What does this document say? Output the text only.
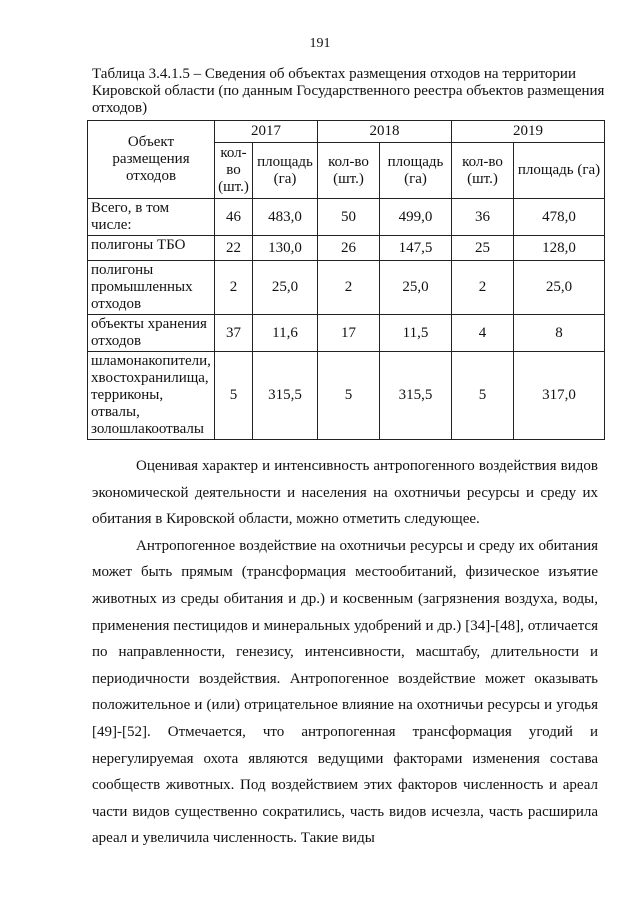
191
Таблица 3.4.1.5 – Сведения об объектах размещения отходов на территории Кировской области (по данным Государственного реестра объектов размещения отходов)
Объект размещения отходов	2017		2018		2019	
	кол-во (шт.)	площадь (га)	кол-во (шт.)	площадь (га)	кол-во (шт.)	площадь (га)
Всего, в том числе:	46	483,0	50	499,0	36	478,0
полигоны ТБО	22	130,0	26	147,5	25	128,0
полигоны промышленных отходов	2	25,0	2	25,0	2	25,0
объекты хранения отходов	37	11,6	17	11,5	4	8
шламонакопители, хвостохранилища, терриконы, отвалы, золошлакоотвалы	5	315,5	5	315,5	5	317,0

Оценивая характер и интенсивность антропогенного воздействия видов экономической деятельности и населения на охотничьи ресурсы и среду их обитания в Кировской области, можно отметить следующее.

Антропогенное воздействие на охотничьи ресурсы и среду их обитания может быть прямым (трансформация местообитаний, физическое изъятие животных из среды обитания и др.) и косвенным (загрязнения воздуха, воды, применения пестицидов и минеральных удобрений и др.) [34]-[48], отличается по направленности, генезису, интенсивности, масштабу, длительности и периодичности воздействия. Антропогенное воздействие может оказывать положительное и (или) отрицательное влияние на охотничьи ресурсы и угодья [49]-[52]. Отмечается, что антропогенная трансформация угодий и нерегулируемая охота являются ведущими факторами изменения состава сообществ животных. Под воздействием этих факторов численность и ареал части видов существенно сократились, часть видов исчезла, часть расширила ареал и увеличила численность. Такие виды
